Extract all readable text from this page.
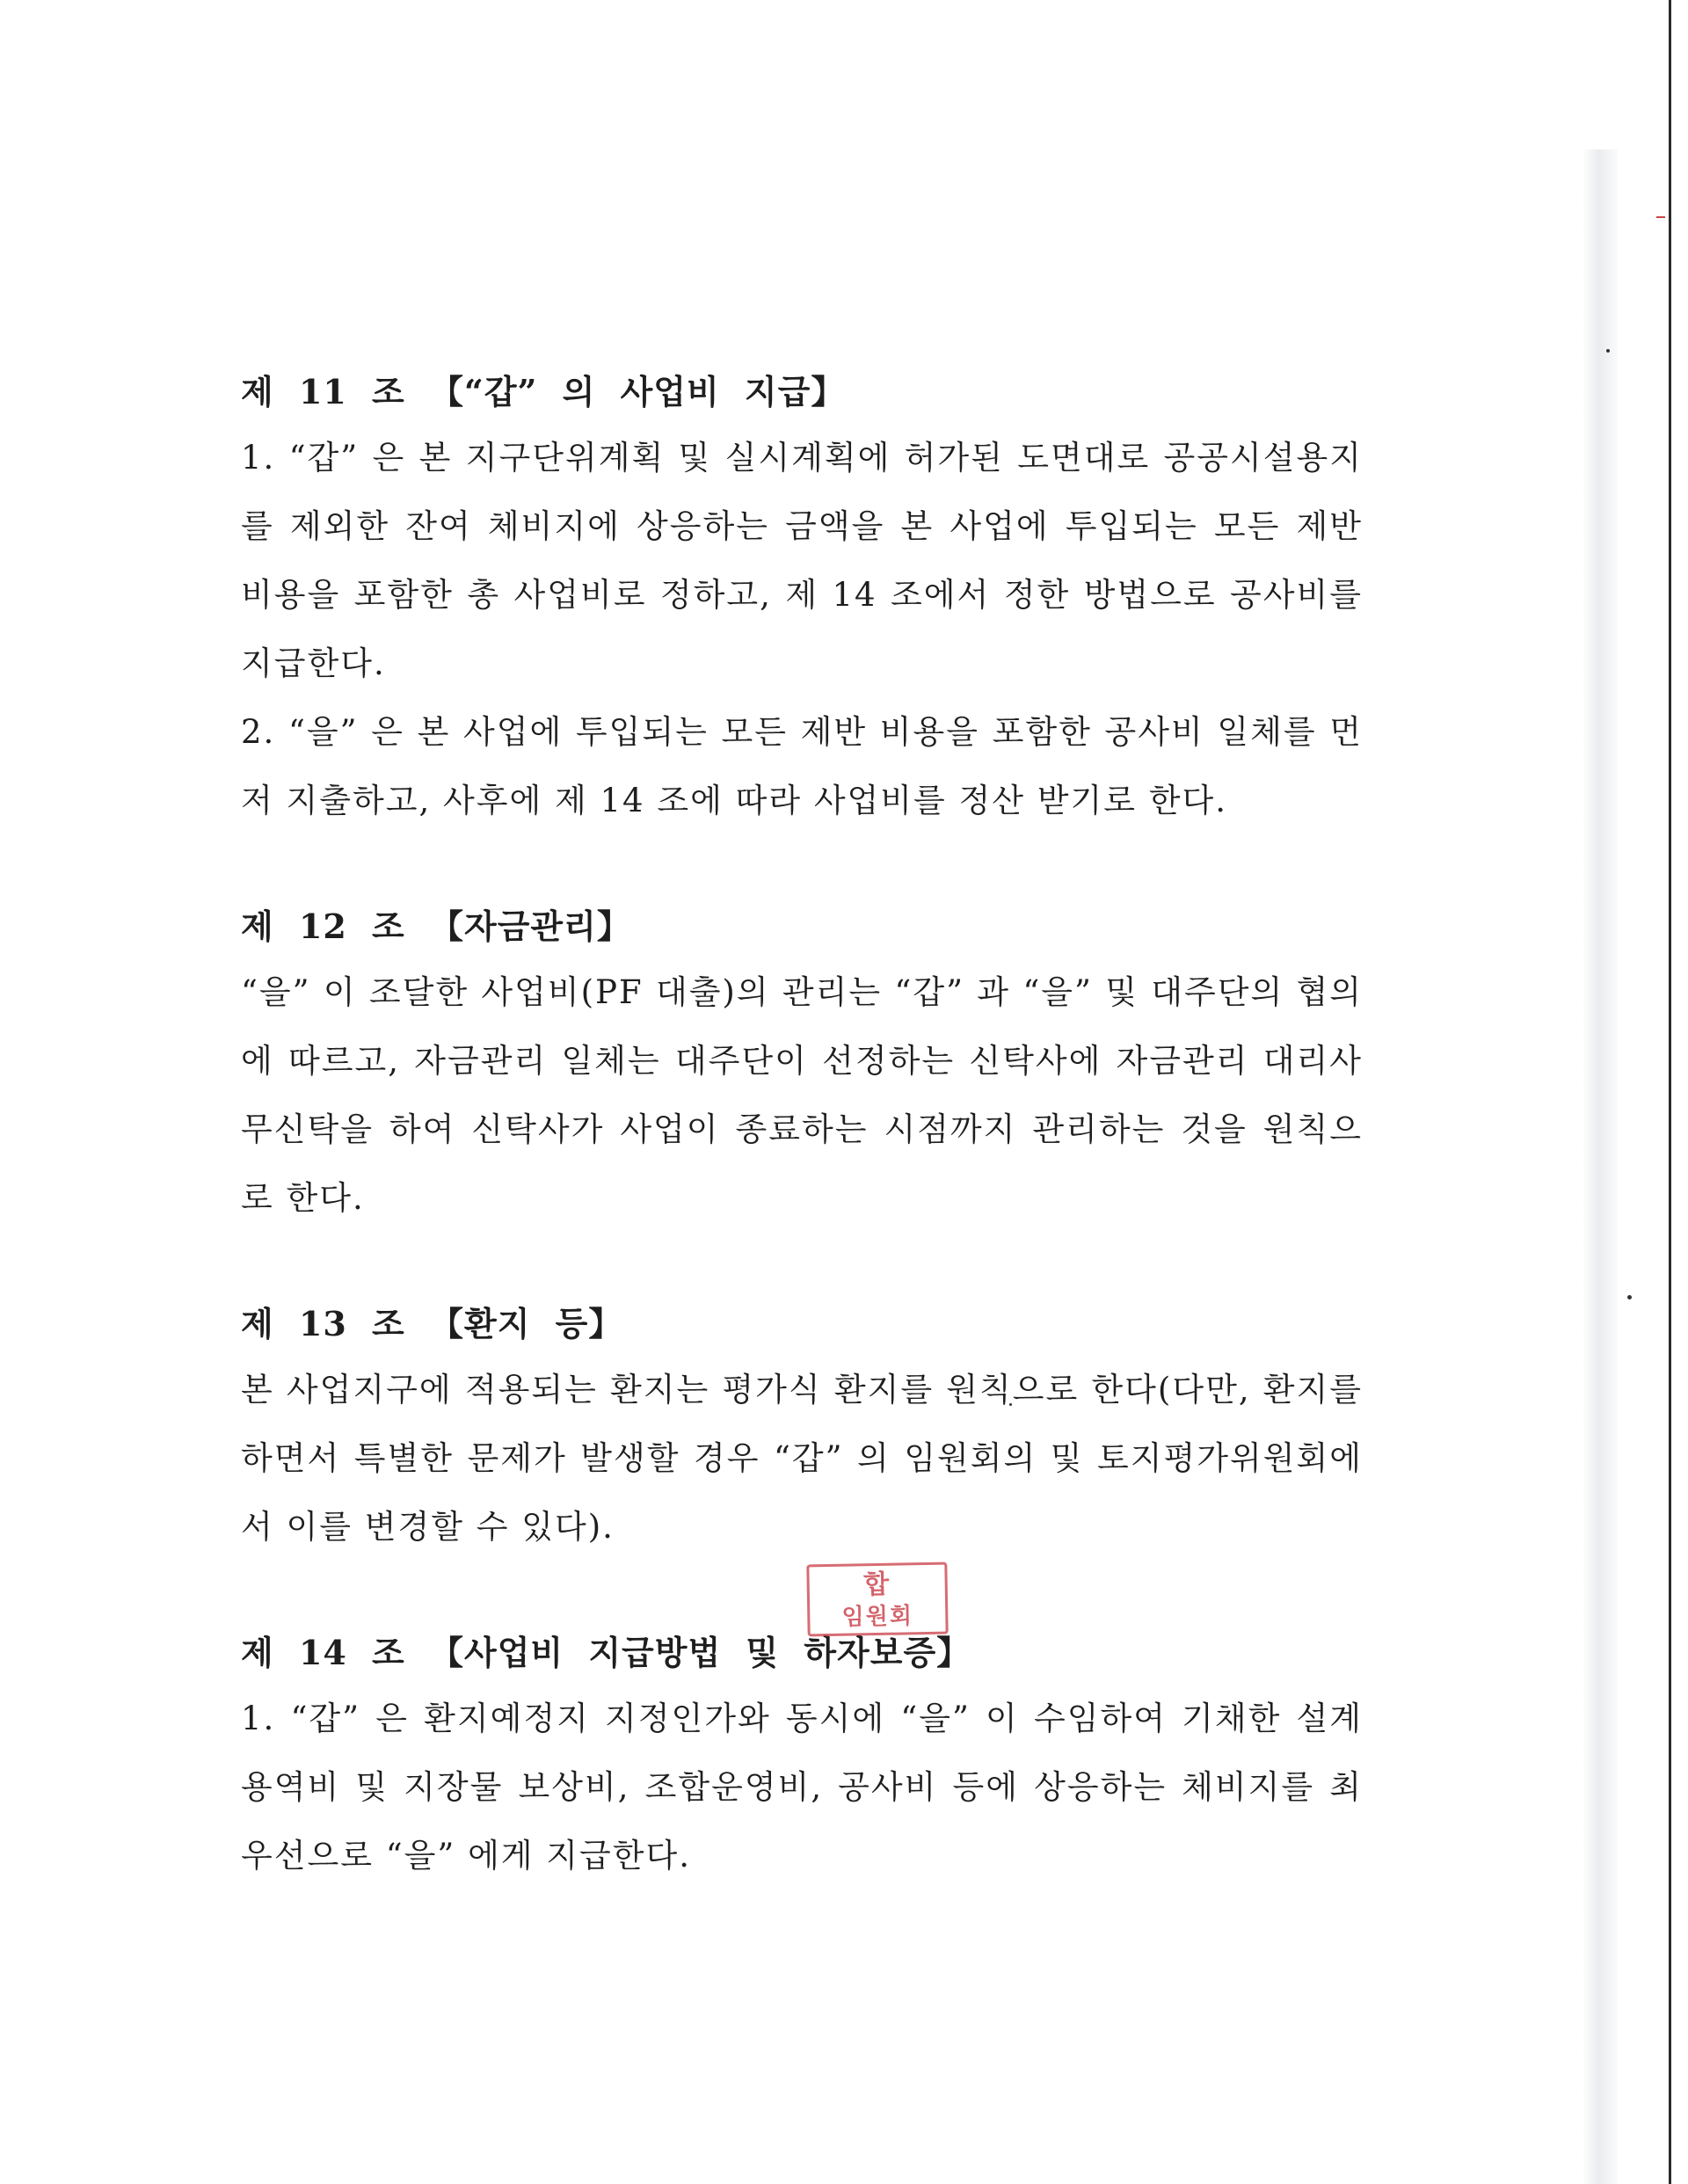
제 11 조 【“갑” 의 사업비 지급】

1. “갑” 은 본 지구단위계획 및 실시계획에 허가된 도면대로 공공시설용지를 제외한 잔여 체비지에 상응하는 금액을 본 사업에 투입되는 모든 제반 비용을 포함한 총 사업비로 정하고, 제 14 조에서 정한 방법으로 공사비를 지급한다.

2. “을” 은 본 사업에 투입되는 모든 제반 비용을 포함한 공사비 일체를 먼저 지출하고, 사후에 제 14 조에 따라 사업비를 정산 받기로 한다.

제 12 조 【자금관리】

“을” 이 조달한 사업비(PF 대출)의 관리는 “갑” 과 “을” 및 대주단의 협의에 따르고, 자금관리 일체는 대주단이 선정하는 신탁사에 자금관리 대리사무신탁을 하여 신탁사가 사업이 종료하는 시점까지 관리하는 것을 원칙으로 한다.

제 13 조 【환지 등】

본 사업지구에 적용되는 환지는 평가식 환지를 원칙으로 한다(다만, 환지를 하면서 특별한 문제가 발생할 경우 “갑” 의 임원회의 및 토지평가위원회에서 이를 변경할 수 있다).

제 14 조 【사업비 지급방법 및 하자보증】

1. “갑” 은 환지예정지 지정인가와 동시에 “을” 이 수임하여 기채한 설계용역비 및 지장물 보상비, 조합운영비, 공사비 등에 상응하는 체비지를 최우선으로 “을” 에게 지급한다.

합
임원회
